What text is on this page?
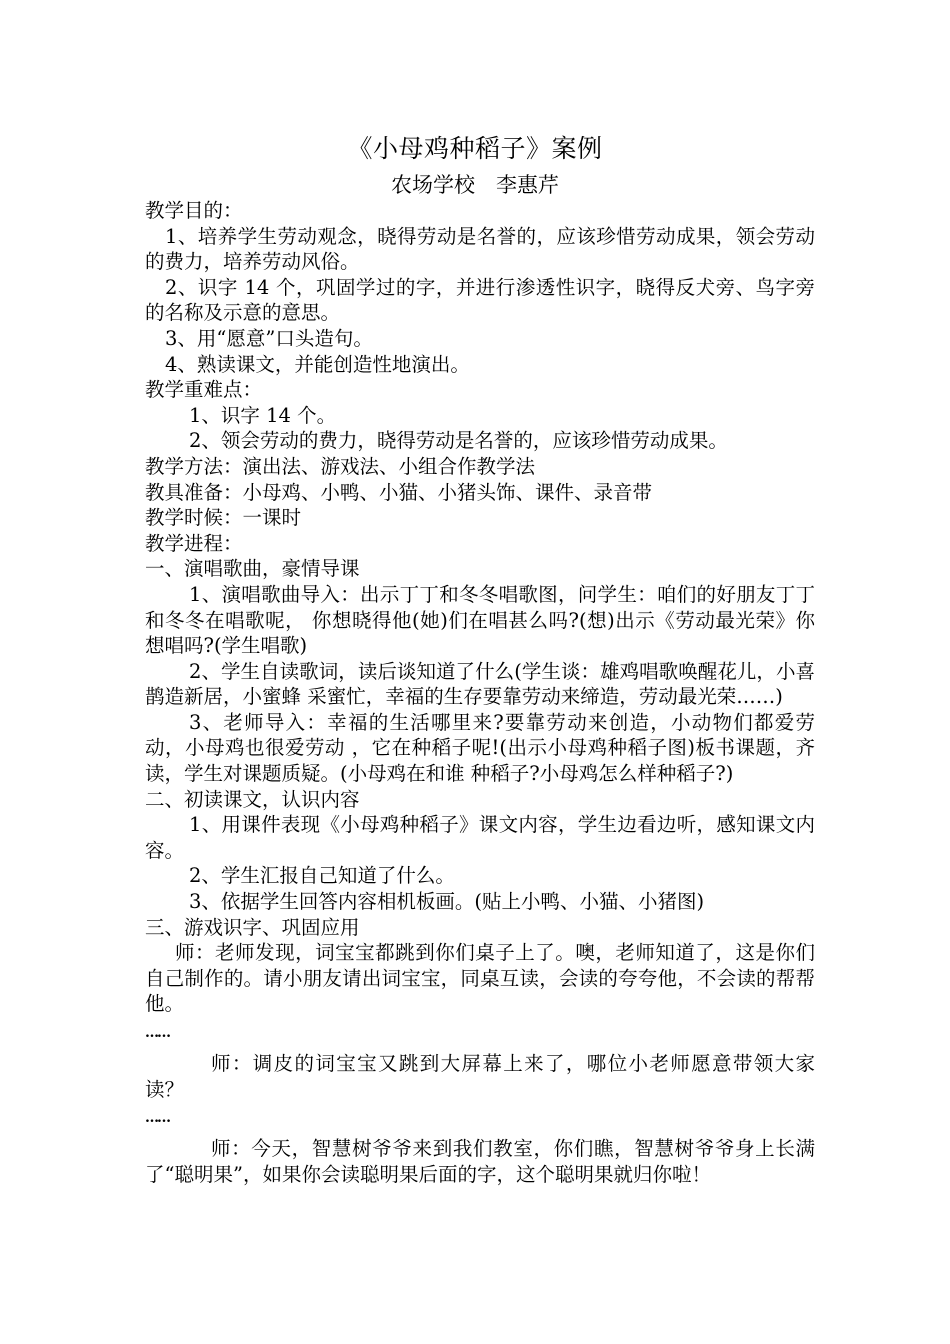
《小母鸡种稻子》案例
农场学校　李惠芹

教学目的：

1、培养学生劳动观念，晓得劳动是名誉的，应该珍惜劳动成果，领会劳动的费力，培养劳动风俗。

2、识字 14 个，巩固学过的字，并进行渗透性识字，晓得反犬旁、鸟字旁的名称及示意的意思。

3、用“愿意”口头造句。

4、熟读课文，并能创造性地演出。

教学重难点：

1、识字 14 个。

2、领会劳动的费力，晓得劳动是名誉的，应该珍惜劳动成果。

教学方法：演出法、游戏法、小组合作教学法

教具准备：小母鸡、小鸭、小猫、小猪头饰、课件、录音带

教学时候：一课时

教学进程：

一、演唱歌曲，豪情导课

1、演唱歌曲导入：出示丁丁和冬冬唱歌图，问学生：咱们的好朋友丁丁和冬冬在唱歌呢， 你想晓得他(她)们在唱甚么吗?(想)出示《劳动最光荣》你想唱吗?(学生唱歌)

2、学生自读歌词，读后谈知道了什么(学生谈：雄鸡唱歌唤醒花儿，小喜鹊造新居，小蜜蜂 采蜜忙，幸福的生存要靠劳动来缔造，劳动最光荣……)

3、老师导入：幸福的生活哪里来?要靠劳动来创造，小动物们都爱劳动，小母鸡也很爱劳动 ，它在种稻子呢!(出示小母鸡种稻子图)板书课题，齐读，学生对课题质疑。(小母鸡在和谁 种稻子?小母鸡怎么样种稻子?)

二、初读课文，认识内容

1、用课件表现《小母鸡种稻子》课文内容，学生边看边听，感知课文内容。

2、学生汇报自己知道了什么。

3、依据学生回答内容相机板画。(贴上小鸭、小猫、小猪图)

三、游戏识字、巩固应用

师：老师发现，词宝宝都跳到你们桌子上了。噢，老师知道了，这是你们自己制作的。请小朋友请出词宝宝，同桌互读，会读的夸夸他，不会读的帮帮他。

……

师：调皮的词宝宝又跳到大屏幕上来了，哪位小老师愿意带领大家读？

……

师：今天，智慧树爷爷来到我们教室，你们瞧，智慧树爷爷身上长满了“聪明果”，如果你会读聪明果后面的字，这个聪明果就归你啦！
